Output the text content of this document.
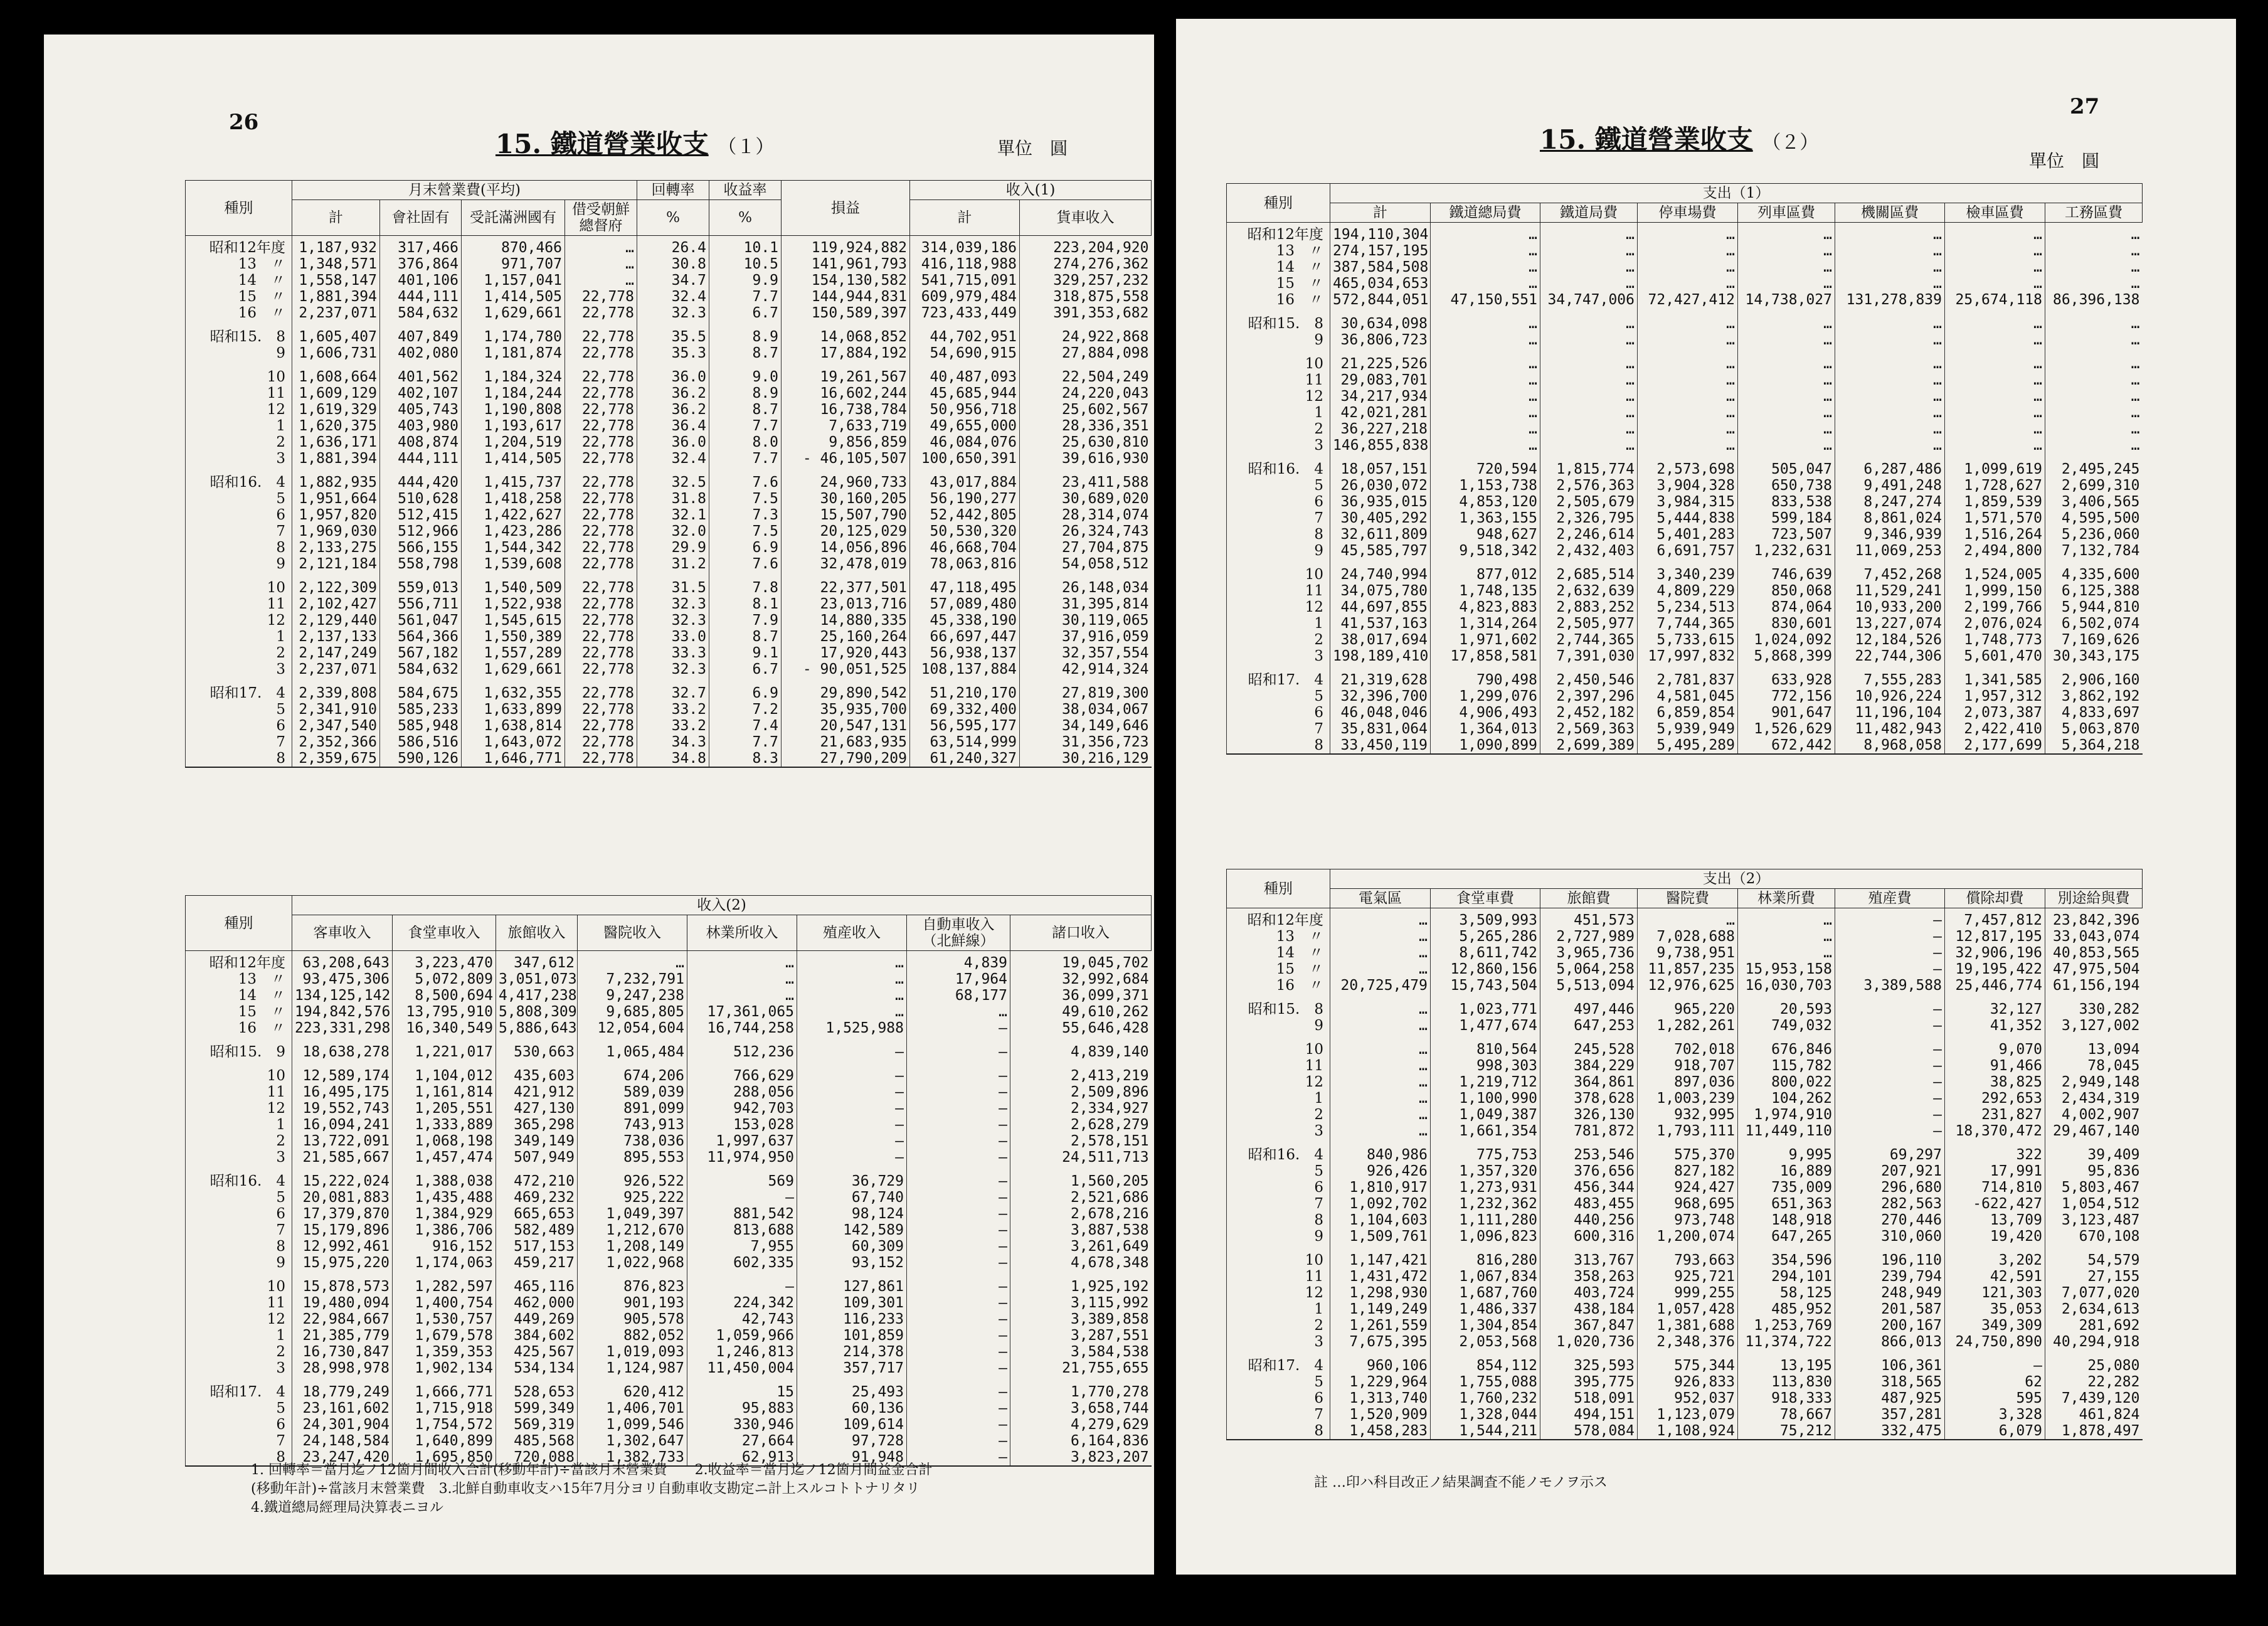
26
15. 鐵道營業收支 （１）	單位　圓
種別	月末營業費(平均)				回轉率	收益率	損益	收入(1)	
	計	會社固有	受託滿洲國有	借受朝鮮總督府	%	%		計	貨車收入
昭和12年度	1,187,932	317,466	870,466	…	26.4	10.1	119,924,882	314,039,186	223,204,920
13　〃	1,348,571	376,864	971,707	…	30.8	10.5	141,961,793	416,118,988	274,276,362
14　〃	1,558,147	401,106	1,157,041	…	34.7	9.9	154,130,582	541,715,091	329,257,232
15　〃	1,881,394	444,111	1,414,505	22,778	32.4	7.7	144,944,831	609,979,484	318,875,558
16　〃	2,237,071	584,632	1,629,661	22,778	32.3	6.7	150,589,397	723,433,449	391,353,682
昭和15.　8	1,605,407	407,849	1,174,780	22,778	35.5	8.9	14,068,852	44,702,951	24,922,868
9	1,606,731	402,080	1,181,874	22,778	35.3	8.7	17,884,192	54,690,915	27,884,098
10	1,608,664	401,562	1,184,324	22,778	36.0	9.0	19,261,567	40,487,093	22,504,249
11	1,609,129	402,107	1,184,244	22,778	36.2	8.9	16,602,244	45,685,944	24,220,043
12	1,619,329	405,743	1,190,808	22,778	36.2	8.7	16,738,784	50,956,718	25,602,567
1	1,620,375	403,980	1,193,617	22,778	36.4	7.7	7,633,719	49,655,000	28,336,351
2	1,636,171	408,874	1,204,519	22,778	36.0	8.0	9,856,859	46,084,076	25,630,810
3	1,881,394	444,111	1,414,505	22,778	32.4	7.7	- 46,105,507	100,650,391	39,616,930
昭和16.　4	1,882,935	444,420	1,415,737	22,778	32.5	7.6	24,960,733	43,017,884	23,411,588
5	1,951,664	510,628	1,418,258	22,778	31.8	7.5	30,160,205	56,190,277	30,689,020
6	1,957,820	512,415	1,422,627	22,778	32.1	7.3	15,507,790	52,442,805	28,314,074
7	1,969,030	512,966	1,423,286	22,778	32.0	7.5	20,125,029	50,530,320	26,324,743
8	2,133,275	566,155	1,544,342	22,778	29.9	6.9	14,056,896	46,668,704	27,704,875
9	2,121,184	558,798	1,539,608	22,778	31.2	7.6	32,478,019	78,063,816	54,058,512
10	2,122,309	559,013	1,540,509	22,778	31.5	7.8	22,377,501	47,118,495	26,148,034
11	2,102,427	556,711	1,522,938	22,778	32.3	8.1	23,013,716	57,089,480	31,395,814
12	2,129,440	561,047	1,545,615	22,778	32.3	7.9	14,880,335	45,338,190	30,119,065
1	2,137,133	564,366	1,550,389	22,778	33.0	8.7	25,160,264	66,697,447	37,916,059
2	2,147,249	567,182	1,557,289	22,778	33.3	9.1	17,920,443	56,938,137	32,357,554
3	2,237,071	584,632	1,629,661	22,778	32.3	6.7	- 90,051,525	108,137,884	42,914,324
昭和17.　4	2,339,808	584,675	1,632,355	22,778	32.7	6.9	29,890,542	51,210,170	27,819,300
5	2,341,910	585,233	1,633,899	22,778	33.2	7.2	35,935,700	69,332,400	38,034,067
6	2,347,540	585,948	1,638,814	22,778	33.2	7.4	20,547,131	56,595,177	34,149,646
7	2,352,366	586,516	1,643,072	22,778	34.3	7.7	21,683,935	63,514,999	31,356,723
8	2,359,675	590,126	1,646,771	22,778	34.8	8.3	27,790,209	61,240,327	30,216,129
種別	收入(2)							
	客車收入	食堂車收入	旅館收入	醫院收入	林業所收入	殖産收入	自動車收入（北鮮線）	諸口收入
昭和12年度	63,208,643	3,223,470	347,612	…	…	…	4,839	19,045,702
13　〃	93,475,306	5,072,809	3,051,073	7,232,791	…	…	17,964	32,992,684
14　〃	134,125,142	8,500,694	4,417,238	9,247,238	…	…	68,177	36,099,371
15　〃	194,842,576	13,795,910	5,808,309	9,685,805	17,361,065	…	…	49,610,262
16　〃	223,331,298	16,340,549	5,886,643	12,054,604	16,744,258	1,525,988	—	55,646,428
昭和15.　9	18,638,278	1,221,017	530,663	1,065,484	512,236	—	—	4,839,140
10	12,589,174	1,104,012	435,603	674,206	766,629	—	—	2,413,219
11	16,495,175	1,161,814	421,912	589,039	288,056	—	—	2,509,896
12	19,552,743	1,205,551	427,130	891,099	942,703	—	—	2,334,927
1	16,094,241	1,333,889	365,298	743,913	153,028	—	—	2,628,279
2	13,722,091	1,068,198	349,149	738,036	1,997,637	—	—	2,578,151
3	21,585,667	1,457,474	507,949	895,553	11,974,950	—	—	24,511,713
昭和16.　4	15,222,024	1,388,038	472,210	926,522	569	36,729	—	1,560,205
5	20,081,883	1,435,488	469,232	925,222	—	67,740	—	2,521,686
6	17,379,870	1,384,929	665,653	1,049,397	881,542	98,124	—	2,678,216
7	15,179,896	1,386,706	582,489	1,212,670	813,688	142,589	—	3,887,538
8	12,992,461	916,152	517,153	1,208,149	7,955	60,309	—	3,261,649
9	15,975,220	1,174,063	459,217	1,022,968	602,335	93,152	—	4,678,348
10	15,878,573	1,282,597	465,116	876,823	—	127,861	—	1,925,192
11	19,480,094	1,400,754	462,000	901,193	224,342	109,301	—	3,115,992
12	22,984,667	1,530,757	449,269	905,578	42,743	116,233	—	3,389,858
1	21,385,779	1,679,578	384,602	882,052	1,059,966	101,859	—	3,287,551
2	16,730,847	1,359,353	425,567	1,019,093	1,246,813	214,378	—	3,584,538
3	28,998,978	1,902,134	534,134	1,124,987	11,450,004	357,717	—	21,755,655
昭和17.　4	18,779,249	1,666,771	528,653	620,412	15	25,493	—	1,770,278
5	23,161,602	1,715,918	599,349	1,406,701	95,883	60,136	—	3,658,744
6	24,301,904	1,754,572	569,319	1,099,546	330,946	109,614	—	4,279,629
7	24,148,584	1,640,899	485,568	1,302,647	27,664	97,728	—	6,164,836
8	23,247,420	1,695,850	720,088	1,382,733	62,913	91,948	—	3,823,207
1. 回轉率＝當月迄ノ12箇月間收入合計(移動年計)÷當該月末營業費　　2.收益率＝當月迄ノ12箇月間益金合計
(移動年計)÷當該月末營業費　3.北鮮自動車收支ハ15年7月分ヨリ自動車收支勘定ニ計上スルコトトナリタリ
4.鐵道總局經理局決算表ニヨル
27
15. 鐵道營業收支 （２）
單位　圓
種別	支出（1）							
	計	鐵道總局費	鐵道局費	停車場費	列車區費	機關區費	檢車區費	工務區費
昭和12年度	194,110,304	…	…	…	…	…	…	…
13　〃	274,157,195	…	…	…	…	…	…	…
14　〃	387,584,508	…	…	…	…	…	…	…
15　〃	465,034,653	…	…	…	…	…	…	…
16　〃	572,844,051	47,150,551	34,747,006	72,427,412	14,738,027	131,278,839	25,674,118	86,396,138
昭和15.　8	30,634,098	…	…	…	…	…	…	…
9	36,806,723	…	…	…	…	…	…	…
10	21,225,526	…	…	…	…	…	…	…
11	29,083,701	…	…	…	…	…	…	…
12	34,217,934	…	…	…	…	…	…	…
1	42,021,281	…	…	…	…	…	…	…
2	36,227,218	…	…	…	…	…	…	…
3	146,855,838	…	…	…	…	…	…	…
昭和16.　4	18,057,151	720,594	1,815,774	2,573,698	505,047	6,287,486	1,099,619	2,495,245
5	26,030,072	1,153,738	2,576,363	3,904,328	650,738	9,491,248	1,728,627	2,699,310
6	36,935,015	4,853,120	2,505,679	3,984,315	833,538	8,247,274	1,859,539	3,406,565
7	30,405,292	1,363,155	2,326,795	5,444,838	599,184	8,861,024	1,571,570	4,595,500
8	32,611,809	948,627	2,246,614	5,401,283	723,507	9,346,939	1,516,264	5,236,060
9	45,585,797	9,518,342	2,432,403	6,691,757	1,232,631	11,069,253	2,494,800	7,132,784
10	24,740,994	877,012	2,685,514	3,340,239	746,639	7,452,268	1,524,005	4,335,600
11	34,075,780	1,748,135	2,632,639	4,809,229	850,068	11,529,241	1,999,150	6,125,388
12	44,697,855	4,823,883	2,883,252	5,234,513	874,064	10,933,200	2,199,766	5,944,810
1	41,537,163	1,314,264	2,505,977	7,744,365	830,601	13,227,074	2,076,024	6,502,074
2	38,017,694	1,971,602	2,744,365	5,733,615	1,024,092	12,184,526	1,748,773	7,169,626
3	198,189,410	17,858,581	7,391,030	17,997,832	5,868,399	22,744,306	5,601,470	30,343,175
昭和17.　4	21,319,628	790,498	2,450,546	2,781,837	633,928	7,555,283	1,341,585	2,906,160
5	32,396,700	1,299,076	2,397,296	4,581,045	772,156	10,926,224	1,957,312	3,862,192
6	46,048,046	4,906,493	2,452,182	6,859,854	901,647	11,196,104	2,073,387	4,833,697
7	35,831,064	1,364,013	2,569,363	5,939,949	1,526,629	11,482,943	2,422,410	5,063,870
8	33,450,119	1,090,899	2,699,389	5,495,289	672,442	8,968,058	2,177,699	5,364,218
種別	支出（2）							
	電氣區	食堂車費	旅館費	醫院費	林業所費	殖産費	償除却費	別途給與費
昭和12年度	…	3,509,993	451,573	…	…	—	7,457,812	23,842,396
13　〃	…	5,265,286	2,727,989	7,028,688	…	—	12,817,195	33,043,074
14　〃	…	8,611,742	3,965,736	9,738,951	…	—	32,906,196	40,853,565
15　〃	…	12,860,156	5,064,258	11,857,235	15,953,158	—	19,195,422	47,975,504
16　〃	20,725,479	15,743,504	5,513,094	12,976,625	16,030,703	3,389,588	25,446,774	61,156,194
昭和15.　8	…	1,023,771	497,446	965,220	20,593	—	32,127	330,282
9	…	1,477,674	647,253	1,282,261	749,032	—	41,352	3,127,002
10	…	810,564	245,528	702,018	676,846	—	9,070	13,094
11	…	998,303	384,229	918,707	115,782	—	91,466	78,045
12	…	1,219,712	364,861	897,036	800,022	—	38,825	2,949,148
1	…	1,100,990	378,628	1,003,239	104,262	—	292,653	2,434,319
2	…	1,049,387	326,130	932,995	1,974,910	—	231,827	4,002,907
3	…	1,661,354	781,872	1,793,111	11,449,110	—	18,370,472	29,467,140
昭和16.　4	840,986	775,753	253,546	575,370	9,995	69,297	322	39,409
5	926,426	1,357,320	376,656	827,182	16,889	207,921	17,991	95,836
6	1,810,917	1,273,931	456,344	924,427	735,009	296,680	714,810	5,803,467
7	1,092,702	1,232,362	483,455	968,695	651,363	282,563	-622,427	1,054,512
8	1,104,603	1,111,280	440,256	973,748	148,918	270,446	13,709	3,123,487
9	1,509,761	1,096,823	600,316	1,200,074	647,265	310,060	19,420	670,108
10	1,147,421	816,280	313,767	793,663	354,596	196,110	3,202	54,579
11	1,431,472	1,067,834	358,263	925,721	294,101	239,794	42,591	27,155
12	1,298,930	1,687,760	403,724	999,255	58,125	248,949	121,303	7,077,020
1	1,149,249	1,486,337	438,184	1,057,428	485,952	201,587	35,053	2,634,613
2	1,261,559	1,304,854	367,847	1,381,688	1,253,769	200,167	349,309	281,692
3	7,675,395	2,053,568	1,020,736	2,348,376	11,374,722	866,013	24,750,890	40,294,918
昭和17.　4	960,106	854,112	325,593	575,344	13,195	106,361	—	25,080
5	1,229,964	1,755,088	395,775	926,833	113,830	318,565	62	22,282
6	1,313,740	1,760,232	518,091	952,037	918,333	487,925	595	7,439,120
7	1,520,909	1,328,044	494,151	1,123,079	78,667	357,281	3,328	461,824
8	1,458,283	1,544,211	578,084	1,108,924	75,212	332,475	6,079	1,878,497
註 …印ハ科目改正ノ結果調査不能ノモノヲ示ス
